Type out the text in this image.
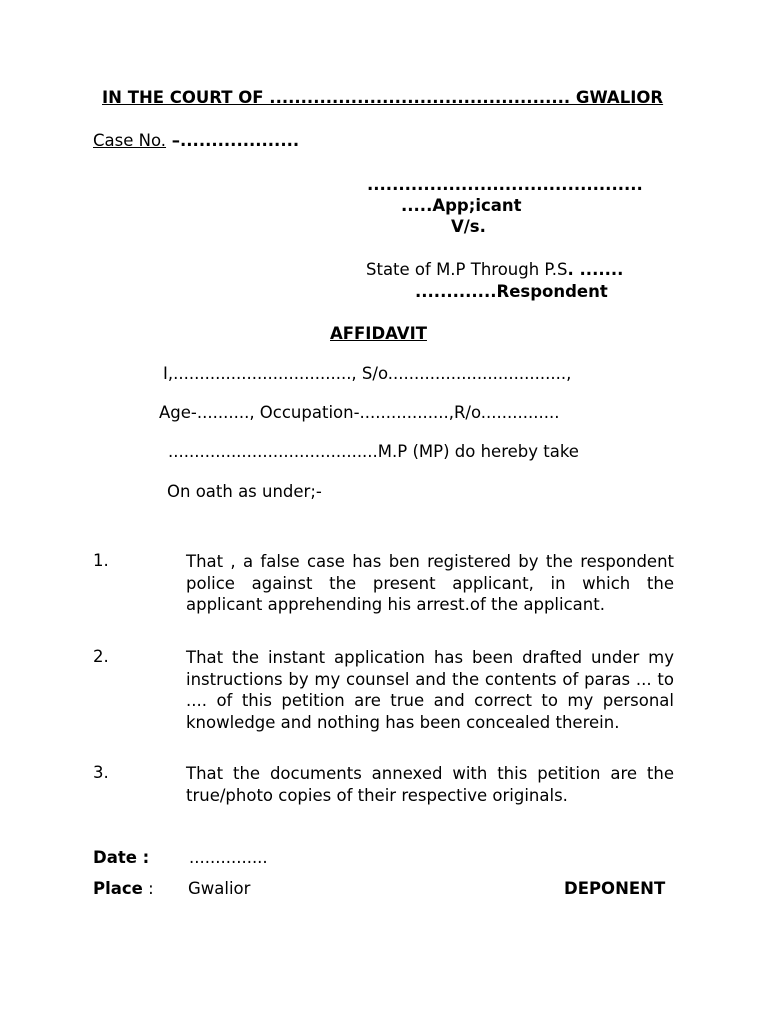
IN THE COURT OF ................................................ GWALIOR
Case No. –...................
............................................
.....App;icant
V/s.
State of M.P Through P.S. .......
.............Respondent
AFFIDAVIT
I,.................................., S/o..................................,
Age-.........., Occupation-.................,R/o...............
........................................M.P (MP) do hereby take
On oath as under;-
1.	That , a false case has ben registered by the respondent police against the present applicant, in which the applicant apprehending his arrest.of the applicant.
2.	That the instant application has been drafted under my instructions by my counsel and the contents of paras ... to .... of this petition are true and correct to my personal knowledge and nothing has been concealed therein.
3.	That the documents annexed with this petition are the true/photo copies of their respective originals.
Date : ...............
Place : Gwalior	DEPONENT
